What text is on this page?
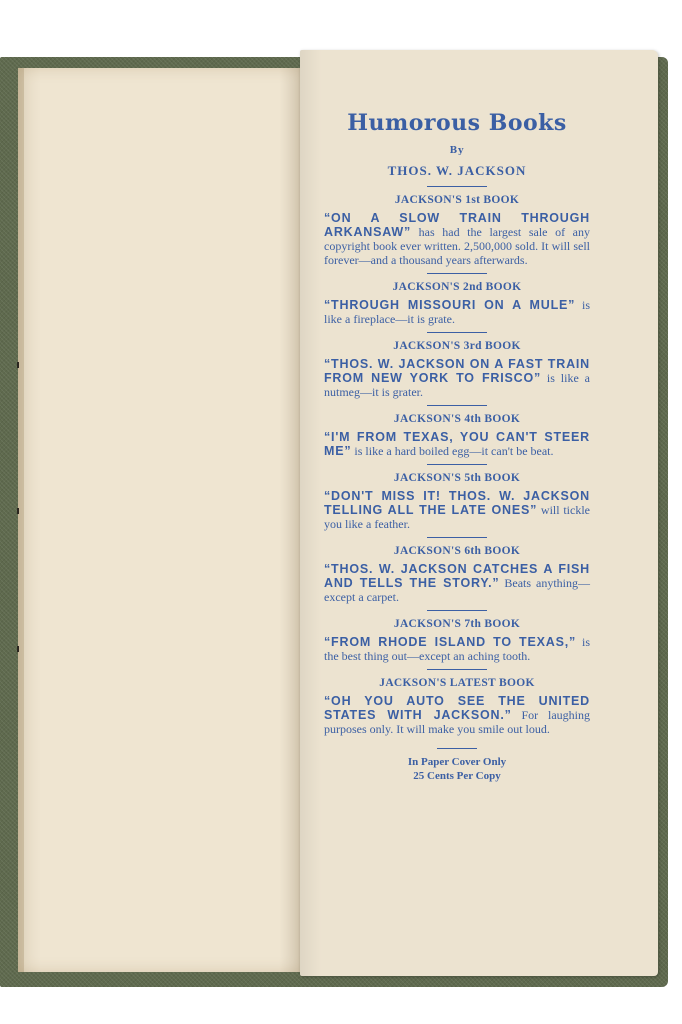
Humorous Books
By
THOS. W. JACKSON
JACKSON'S 1st BOOK
“ON A SLOW TRAIN THROUGH ARKANSAW” has had the largest sale of any copyright book ever written. 2,500,000 sold. It will sell forever—and a thousand years afterwards.
JACKSON'S 2nd BOOK
“THROUGH MISSOURI ON A MULE” is like a fireplace—it is grate.
JACKSON'S 3rd BOOK
“THOS. W. JACKSON ON A FAST TRAIN FROM NEW YORK TO FRISCO” is like a nutmeg—it is grater.
JACKSON'S 4th BOOK
“I'M FROM TEXAS, YOU CAN'T STEER ME” is like a hard boiled egg—it can't be beat.
JACKSON'S 5th BOOK
“DON'T MISS IT! THOS. W. JACKSON TELLING ALL THE LATE ONES” will tickle you like a feather.
JACKSON'S 6th BOOK
“THOS. W. JACKSON CATCHES A FISH AND TELLS THE STORY.” Beats anything—except a carpet.
JACKSON'S 7th BOOK
“FROM RHODE ISLAND TO TEXAS,” is the best thing out—except an aching tooth.
JACKSON'S LATEST BOOK
“OH YOU AUTO SEE THE UNITED STATES WITH JACKSON.” For laughing purposes only. It will make you smile out loud.
In Paper Cover Only
25 Cents Per Copy
